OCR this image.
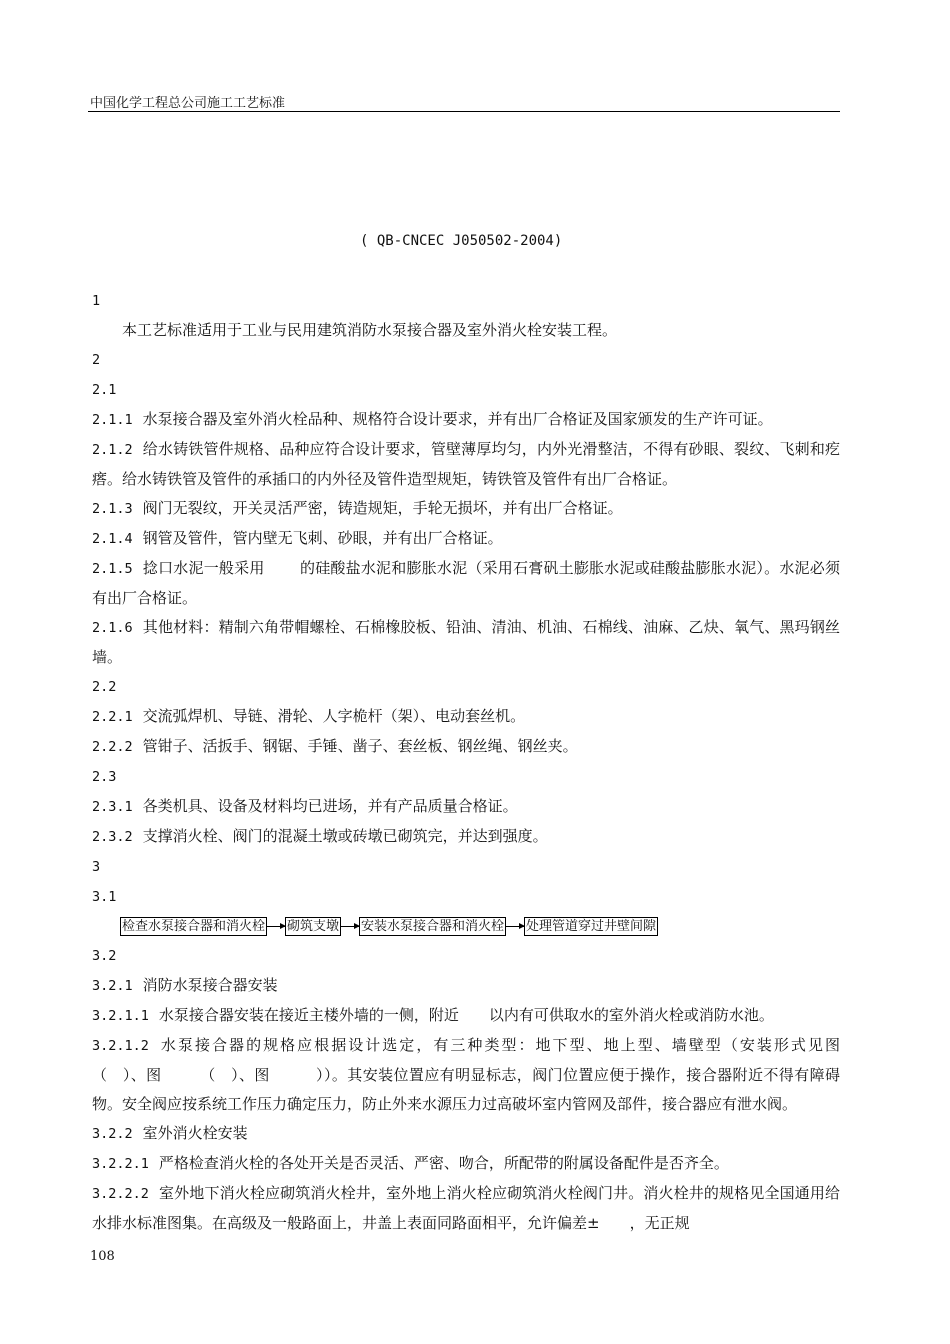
中国化学工程总公司施工工艺标准
( QB-CNCEC J050502-2004)

1

本工艺标准适用于工业与民用建筑消防水泵接合器及室外消火栓安装工程。

2

2.1

2.1.1 水泵接合器及室外消火栓品种、规格符合设计要求，并有出厂合格证及国家颁发的生产许可证。

2.1.2 给水铸铁管件规格、品种应符合设计要求，管壁薄厚均匀，内外光滑整洁，不得有砂眼、裂纹、飞刺和疙瘩。给水铸铁管及管件的承插口的内外径及管件造型规矩，铸铁管及管件有出厂合格证。

2.1.3 阀门无裂纹，开关灵活严密，铸造规矩，手轮无损坏，并有出厂合格证。

2.1.4 钢管及管件，管内壁无飞刺、砂眼，并有出厂合格证。

2.1.5 捻口水泥一般采用　　 的硅酸盐水泥和膨胀水泥（采用石膏矾土膨胀水泥或硅酸盐膨胀水泥）。水泥必须有出厂合格证。

2.1.6 其他材料：精制六角带帽螺栓、石棉橡胶板、铅油、清油、机油、石棉线、油麻、乙炔、氧气、黑玛钢丝墙。

2.2

2.2.1 交流弧焊机、导链、滑轮、人字桅杆（架）、电动套丝机。

2.2.2 管钳子、活扳手、钢锯、手锤、凿子、套丝板、钢丝绳、钢丝夹。

2.3

2.3.1 各类机具、设备及材料均已进场，并有产品质量合格证。

2.3.2 支撑消火栓、阀门的混凝土墩或砖墩已砌筑完，并达到强度。

3

3.1

检查水泵接合器和消火栓 砌筑支墩 安装水泵接合器和消火栓 处理管道穿过井壁间隙

3.2

3.2.1 消防水泵接合器安装

3.2.1.1 水泵接合器安装在接近主楼外墙的一侧，附近　　以内有可供取水的室外消火栓或消防水池。

3.2.1.2 水泵接合器的规格应根据设计选定，有三种类型：地下型、地上型、墙壁型（安装形式见图　　　（　）、图　　　（　）、图　　　））。其安装位置应有明显标志，阀门位置应便于操作，接合器附近不得有障碍物。安全阀应按系统工作压力确定压力，防止外来水源压力过高破坏室内管网及部件，接合器应有泄水阀。

3.2.2 室外消火栓安装

3.2.2.1 严格检查消火栓的各处开关是否灵活、严密、吻合，所配带的附属设备配件是否齐全。

3.2.2.2 室外地下消火栓应砌筑消火栓井，室外地上消火栓应砌筑消火栓阀门井。消火栓井的规格见全国通用给水排水标准图集。在高级及一般路面上，井盖上表面同路面相平，允许偏差±　　，无正规

108
